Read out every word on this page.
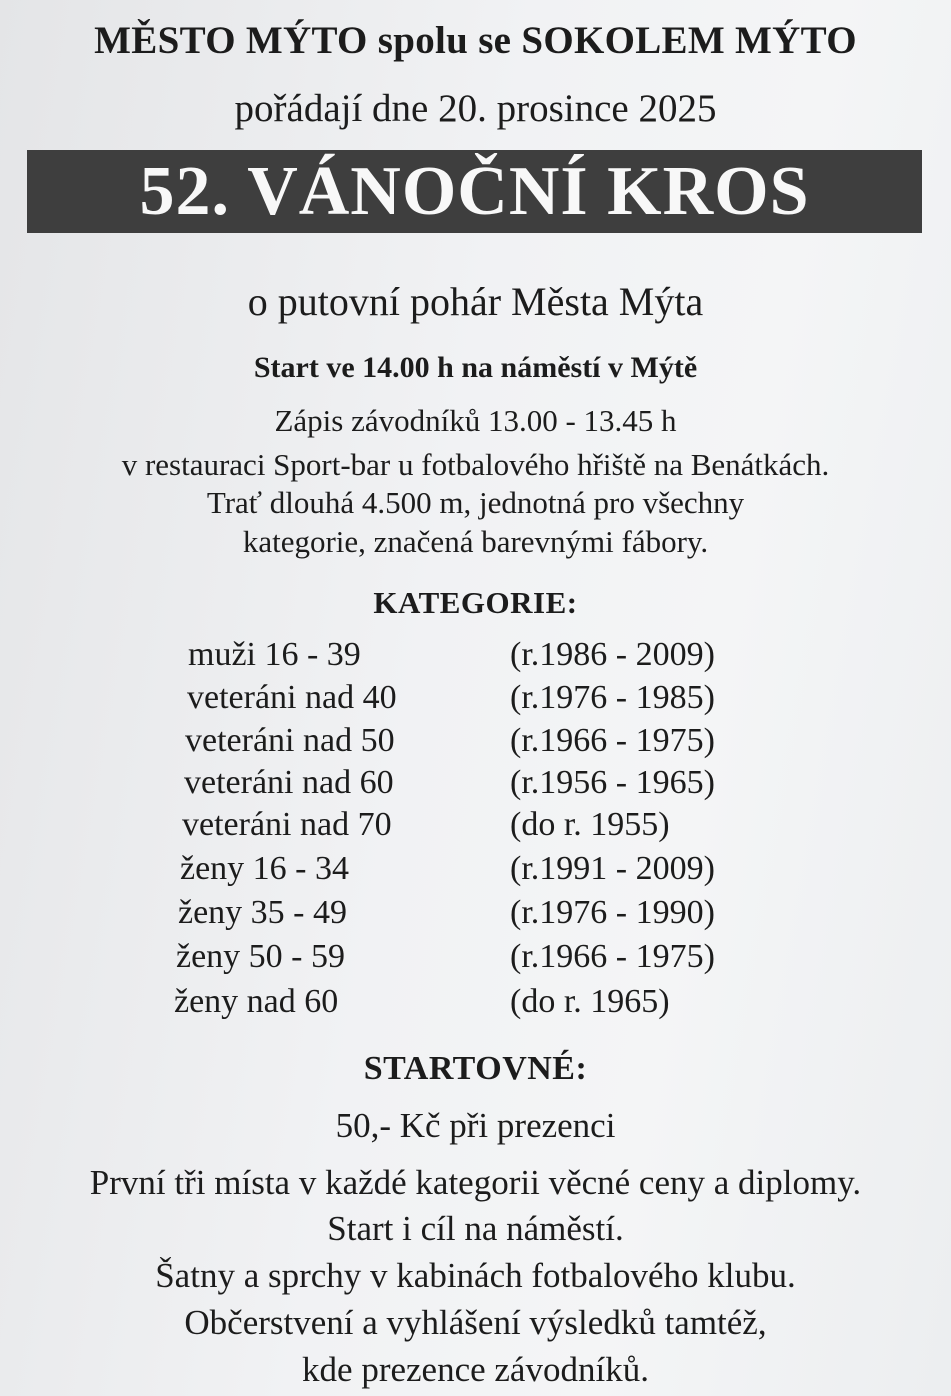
MĚSTO MÝTO spolu se SOKOLEM MÝTO
pořádají dne 20. prosince 2025
52. VÁNOČNÍ KROS
o putovní pohár Města Mýta
Start ve 14.00 h na náměstí v Mýtě
Zápis závodníků 13.00 - 13.45 h
v restauraci Sport-bar u fotbalového hřiště na Benátkách.
Trať dlouhá 4.500 m, jednotná pro všechny
kategorie, značená barevnými fábory.
KATEGORIE:
muži 16 - 39	(r.1986 - 2009)
veteráni nad 40	(r.1976 - 1985)
veteráni nad 50	(r.1966 - 1975)
veteráni nad 60	(r.1956 - 1965)
veteráni nad 70	(do r. 1955)
ženy 16 - 34	(r.1991 - 2009)
ženy 35 - 49	(r.1976 - 1990)
ženy 50 - 59	(r.1966 - 1975)
ženy nad 60	(do r. 1965)
STARTOVNÉ:
50,- Kč při prezenci
První tři místa v každé kategorii věcné ceny a diplomy.
Start i cíl na náměstí.
Šatny a sprchy v kabinách fotbalového klubu.
Občerstvení a vyhlášení výsledků tamtéž,
kde prezence závodníků.
